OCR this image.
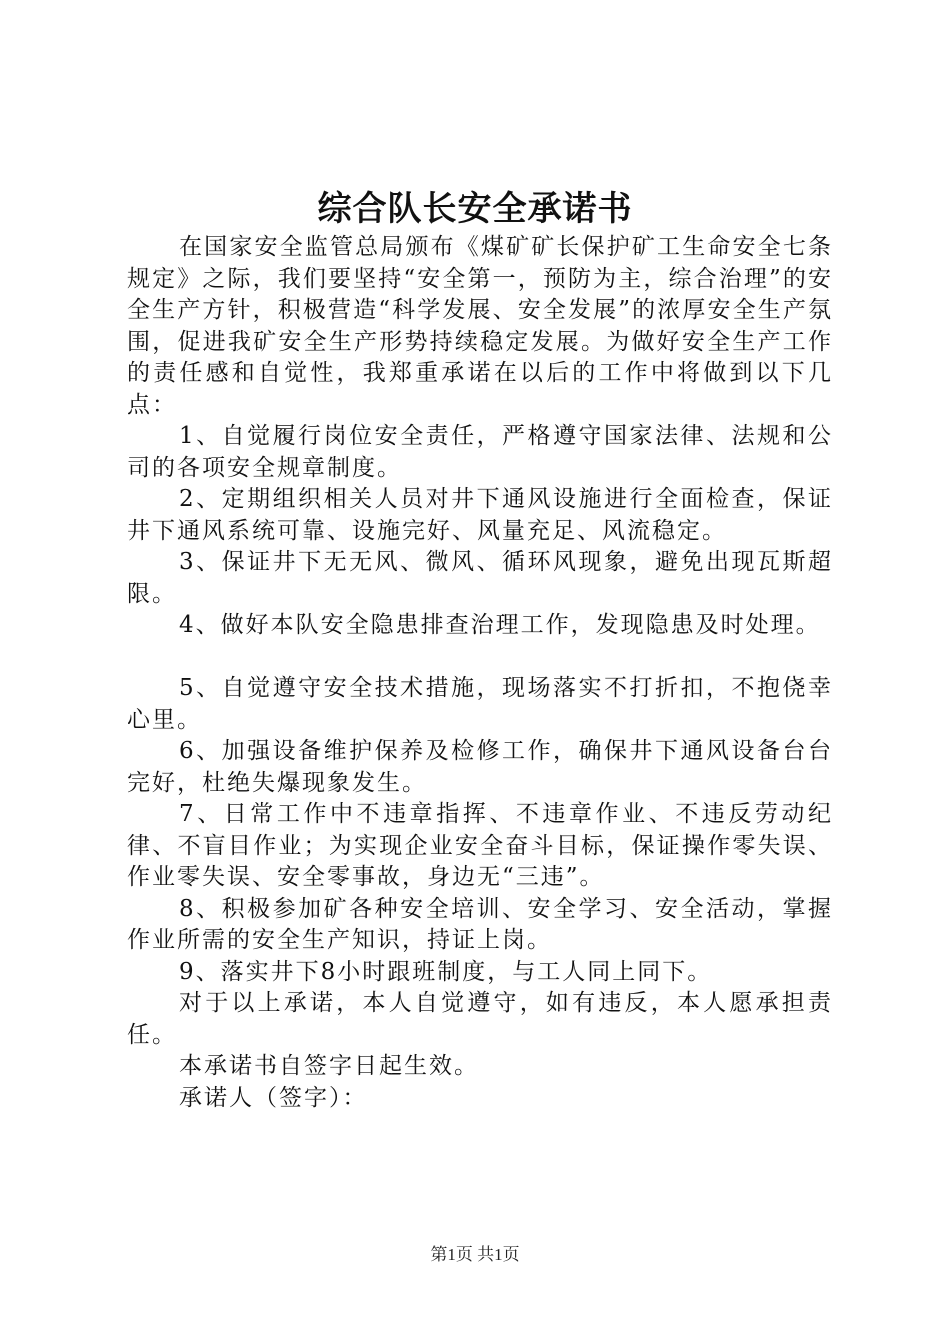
综合队长安全承诺书

在国家安全监管总局颁布《煤矿矿长保护矿工生命安全七条规定》之际，我们要坚持“安全第一，预防为主，综合治理”的安全生产方针，积极营造“科学发展、安全发展”的浓厚安全生产氛围，促进我矿安全生产形势持续稳定发展。为做好安全生产工作的责任感和自觉性，我郑重承诺在以后的工作中将做到以下几点：

1、自觉履行岗位安全责任，严格遵守国家法律、法规和公司的各项安全规章制度。

2、定期组织相关人员对井下通风设施进行全面检查，保证井下通风系统可靠、设施完好、风量充足、风流稳定。

3、保证井下无无风、微风、循环风现象，避免出现瓦斯超限。

4、做好本队安全隐患排查治理工作，发现隐患及时处理。

5、自觉遵守安全技术措施，现场落实不打折扣，不抱侥幸心里。

6、加强设备维护保养及检修工作，确保井下通风设备台台完好，杜绝失爆现象发生。

7、日常工作中不违章指挥、不违章作业、不违反劳动纪律、不盲目作业；为实现企业安全奋斗目标，保证操作零失误、作业零失误、安全零事故，身边无“三违”。

8、积极参加矿各种安全培训、安全学习、安全活动，掌握作业所需的安全生产知识，持证上岗。

9、落实井下8小时跟班制度，与工人同上同下。

对于以上承诺，本人自觉遵守，如有违反，本人愿承担责任。

本承诺书自签字日起生效。

承诺人（签字）：

第1页 共1页
